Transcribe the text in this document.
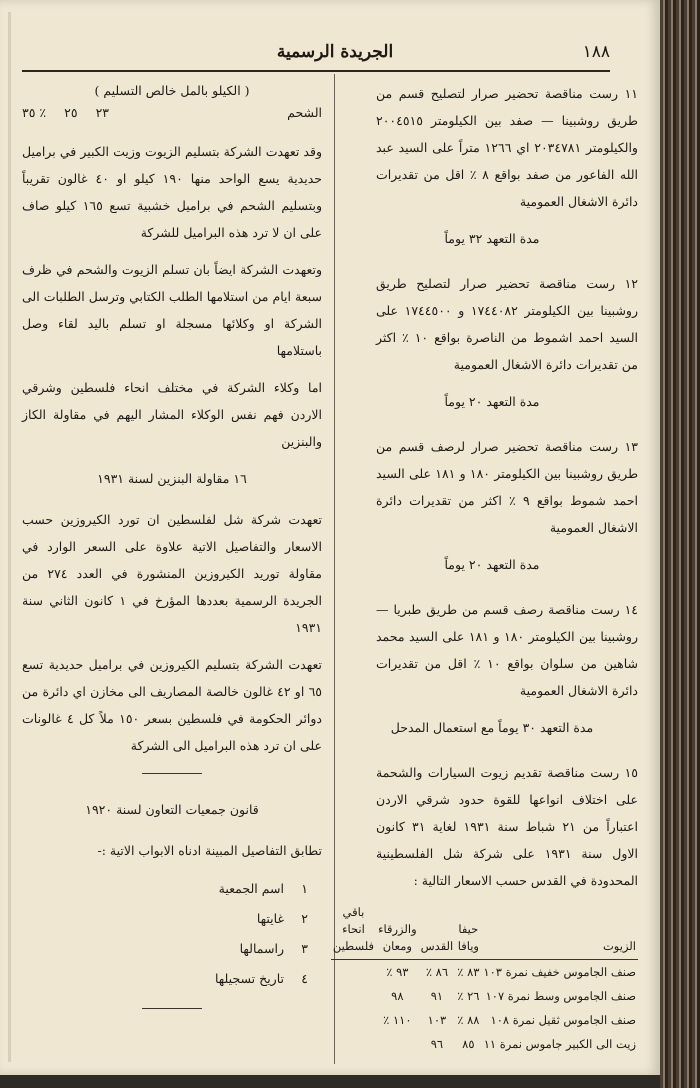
١٨٨
الجريدة الرسمية

١١ رست مناقصة تحضير صرار لتصليح قسم من طريق روشبينا — صفد بين الكيلومتر ٢٠٠٤٥١٥ والكيلومتر ٢٠٣٤٧٨١ اي ١٢٦٦ متراً على السيد عبد الله الفاعور من صفد بواقع ٨ ٪ اقل من تقديرات دائرة الاشغال العمومية

مدة التعهد ٣٢ يوماً

١٢ رست مناقصة تحضير صرار لتصليح طريق روشبينا بين الكيلومتر ١٧٤٤٠٨٢ و ١٧٤٤٥٠٠ على السيد احمد اشموط من الناصرة بواقع ١٠ ٪ اكثر من تقديرات دائرة الاشغال العمومية

مدة التعهد ٢٠ يوماً

١٣ رست مناقصة تحضير صرار لرصف قسم من طريق روشبينا بين الكيلومتر ١٨٠ و ١٨١ على السيد احمد شموط بواقع ٩ ٪ اكثر من تقديرات دائرة الاشغال العمومية

مدة التعهد ٢٠ يوماً

١٤ رست مناقصة رصف قسم من طريق طبريا — روشبينا بين الكيلومتر ١٨٠ و ١٨١ على السيد محمد شاهين من سلوان بواقع ١٠ ٪ اقل من تقديرات دائرة الاشغال العمومية

مدة التعهد ٣٠ يوماً مع استعمال المدحل

١٥ رست مناقصة تقديم زيوت السيارات والشحمة على اختلاف انواعها للقوة حدود شرقي الاردن اعتباراً من ٢١ شباط سنة ١٩٣١ لغاية ٣١ كانون الاول سنة ١٩٣١ على شركة شل الفلسطينية المحدودة في القدس حسب الاسعار التالية :

الزيوت	حيفا ويافا	القدس	والزرقاء ومعان	باقي انحاء فلسطين
صنف الجاموس خفيف نمرة ١٠٣	٨٣ ٪	٨٦ ٪	٩٣ ٪	
صنف الجاموس وسط نمرة ١٠٧	٢٦ ٪	٩١	٩٨	
صنف الجاموس ثقيل نمرة ١٠٨	٨٨ ٪	١٠٣	١١٠ ٪	
زيت الى الكبير جاموس نمرة ١١	٨٥	٩٦		
( الكيلو بالمل خالص التسليم )
الشحم
٣٥ ٪ ٢٥ ٢٣

وقد تعهدت الشركة بتسليم الزيوت وزيت الكبير في براميل حديدية يسع الواحد منها ١٩٠ كيلو او ٤٠ غالون تقريباً وبتسليم الشحم في براميل خشبية تسع ١٦٥ كيلو صاف على ان لا ترد هذه البراميل للشركة

وتعهدت الشركة ايضاً بان تسلم الزيوت والشحم في ظرف سبعة ايام من استلامها الطلب الكتابي وترسل الطلبات الى الشركة او وكلائها مسجلة او تسلم باليد لقاء وصل باستلامها

اما وكلاء الشركة في مختلف انحاء فلسطين وشرقي الاردن فهم نفس الوكلاء المشار اليهم في مقاولة الكاز والبنزين

١٦ مقاولة البنزين لسنة ١٩٣١

تعهدت شركة شل لفلسطين ان تورد الكيروزين حسب الاسعار والتفاصيل الاتية علاوة على السعر الوارد في مقاولة توريد الكيروزين المنشورة في العدد ٢٧٤ من الجريدة الرسمية بعددها المؤرخ في ١ كانون الثاني سنة ١٩٣١

تعهدت الشركة بتسليم الكيروزين في براميل حديدية تسع ٦٥ او ٤٢ غالون خالصة المصاريف الى مخازن اي دائرة من دوائر الحكومة في فلسطين بسعر ١٥٠ ملاً كل ٤ غالونات على ان ترد هذه البراميل الى الشركة

قانون جمعيات التعاون لسنة ١٩٢٠

تطابق التفاصيل المبينة ادناه الابواب الاتية :-

١اسم الجمعية
٢غايتها
٣راسمالها
٤تاريخ تسجيلها
